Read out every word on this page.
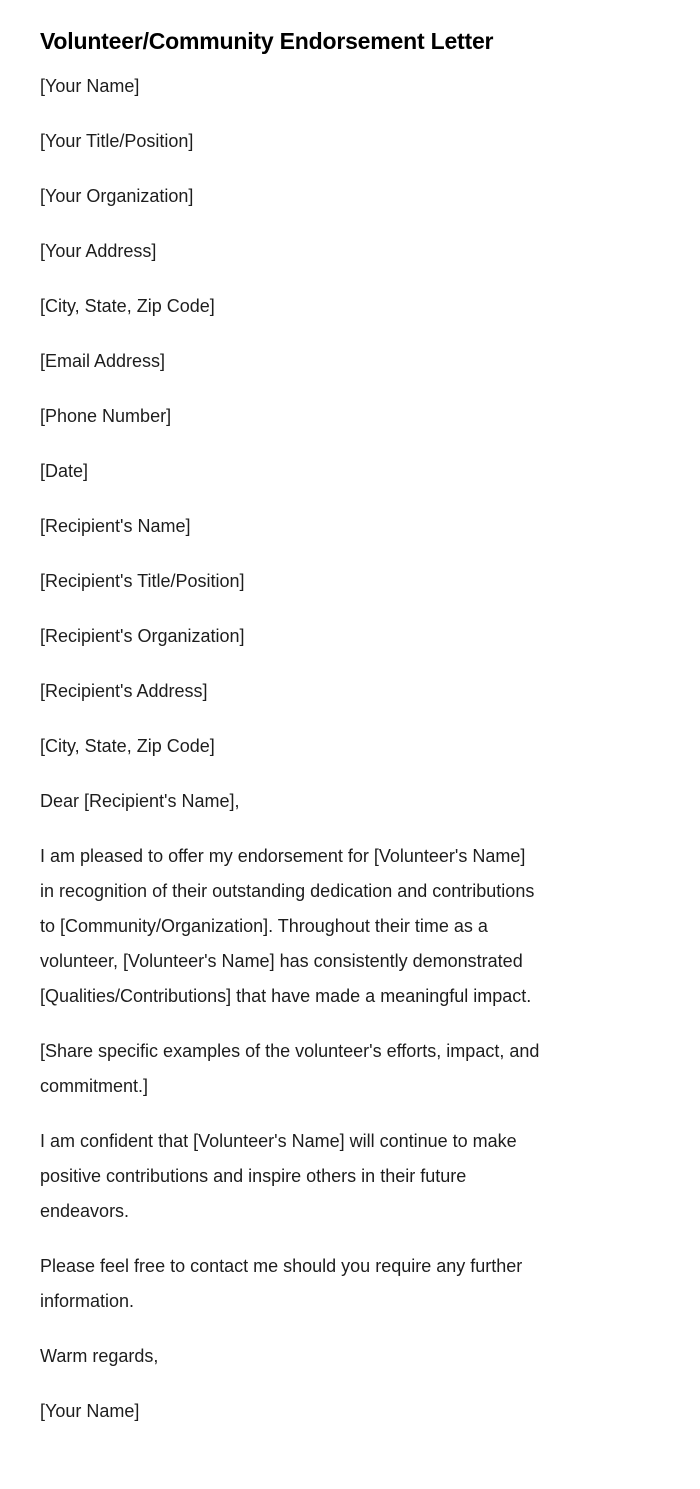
Volunteer/Community Endorsement Letter
[Your Name]
[Your Title/Position]
[Your Organization]
[Your Address]
[City, State, Zip Code]
[Email Address]
[Phone Number]
[Date]
[Recipient's Name]
[Recipient's Title/Position]
[Recipient's Organization]
[Recipient's Address]
[City, State, Zip Code]
Dear [Recipient's Name],
I am pleased to offer my endorsement for [Volunteer's Name]
in recognition of their outstanding dedication and contributions
to [Community/Organization]. Throughout their time as a
volunteer, [Volunteer's Name] has consistently demonstrated
[Qualities/Contributions] that have made a meaningful impact.
[Share specific examples of the volunteer's efforts, impact, and
commitment.]
I am confident that [Volunteer's Name] will continue to make
positive contributions and inspire others in their future
endeavors.
Please feel free to contact me should you require any further
information.
Warm regards,
[Your Name]
